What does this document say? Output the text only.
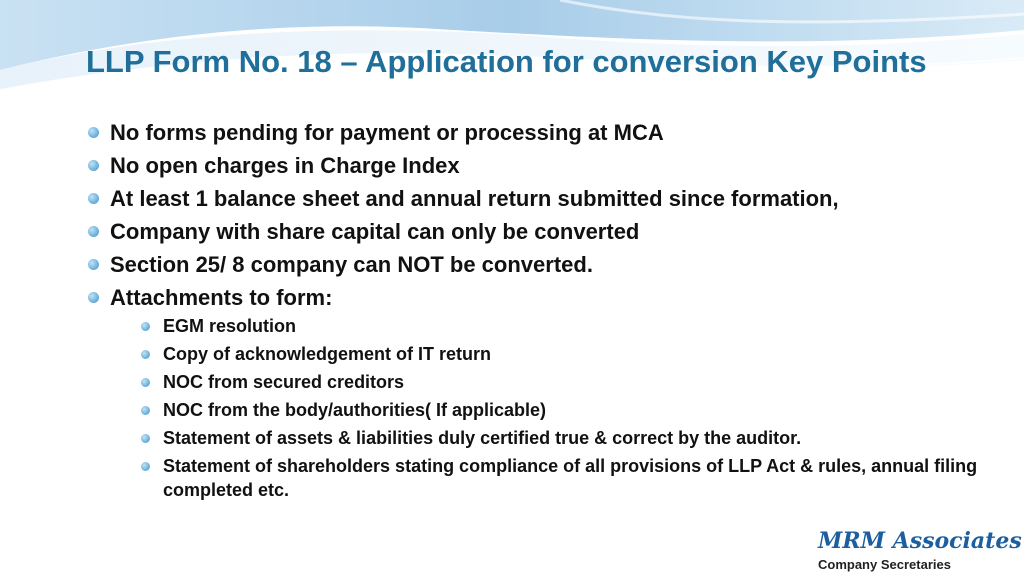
LLP Form No. 18 – Application for conversion Key Points
No forms pending for payment or processing at MCA
No open charges in Charge Index
At least 1 balance sheet and annual return submitted since formation,
Company with share capital can only be converted
Section 25/ 8 company can NOT be converted.
Attachments to form:
EGM resolution
Copy of acknowledgement of IT return
NOC from secured creditors
NOC from the body/authorities( If applicable)
Statement of assets & liabilities duly certified true & correct by the auditor.
Statement of shareholders stating compliance of all provisions of LLP Act & rules, annual filing completed etc.
MRM Associates
Company Secretaries
